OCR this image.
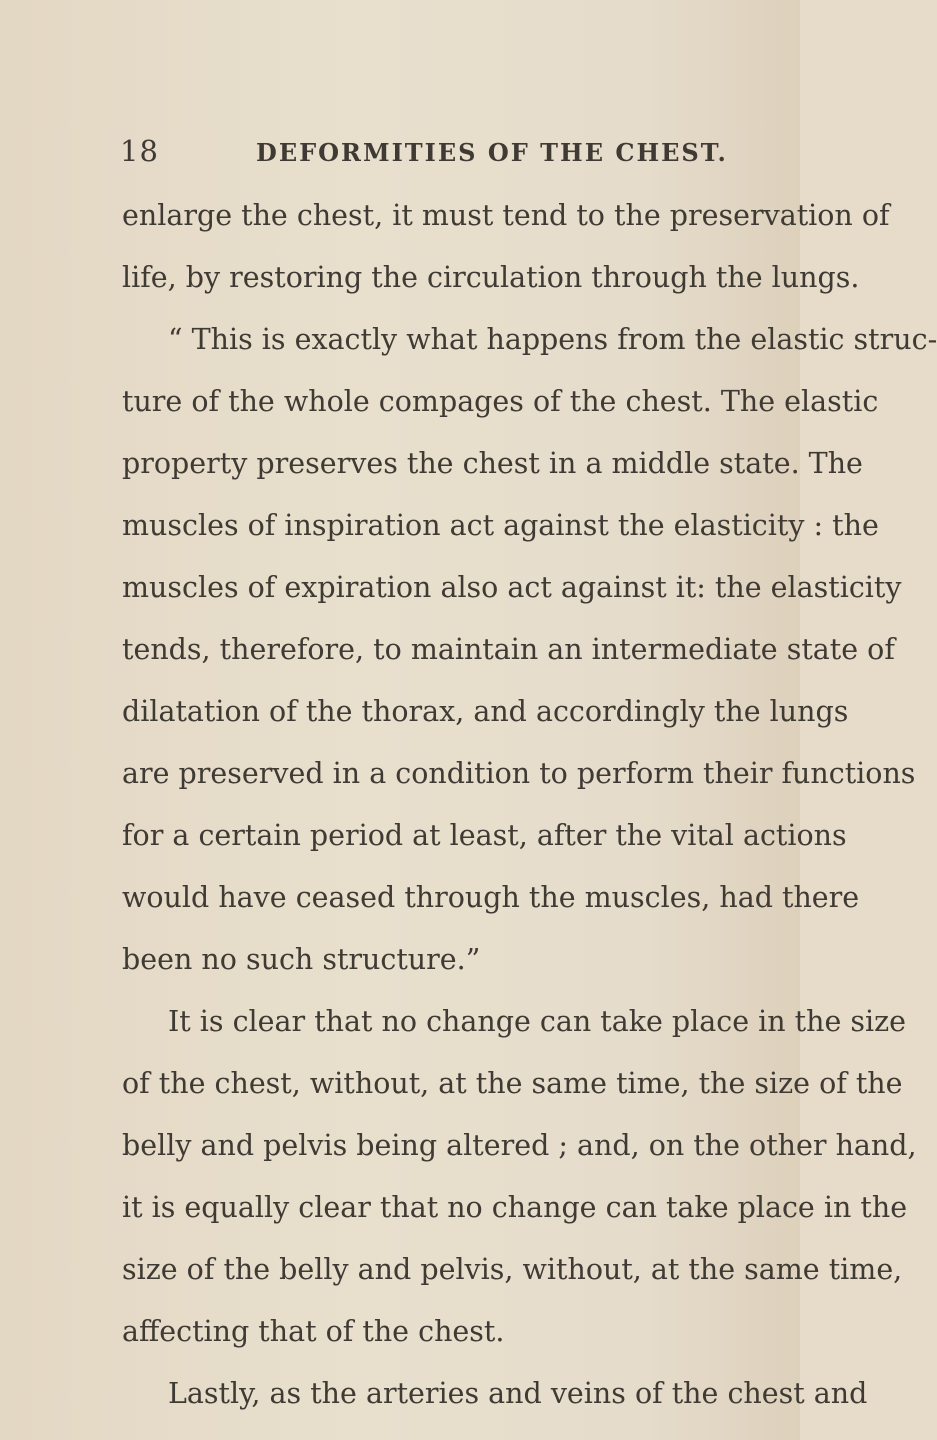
18	DEFORMITIES OF THE CHEST.
enlarge the chest, it must tend to the preservation of
life, by restoring the circulation through the lungs.
“ This is exactly what happens from the elastic struc-
ture of the whole compages of the chest. The elastic
property preserves the chest in a middle state. The
muscles of inspiration act against the elasticity : the
muscles of expiration also act against it: the elasticity
tends, therefore, to maintain an intermediate state of
dilatation of the thorax, and accordingly the lungs
are preserved in a condition to perform their functions
for a certain period at least, after the vital actions
would have ceased through the muscles, had there
been no such structure.”
It is clear that no change can take place in the size
of the chest, without, at the same time, the size of the
belly and pelvis being altered ; and, on the other hand,
it is equally clear that no change can take place in the
size of the belly and pelvis, without, at the same time,
affecting that of the chest.
Lastly, as the arteries and veins of the chest and
